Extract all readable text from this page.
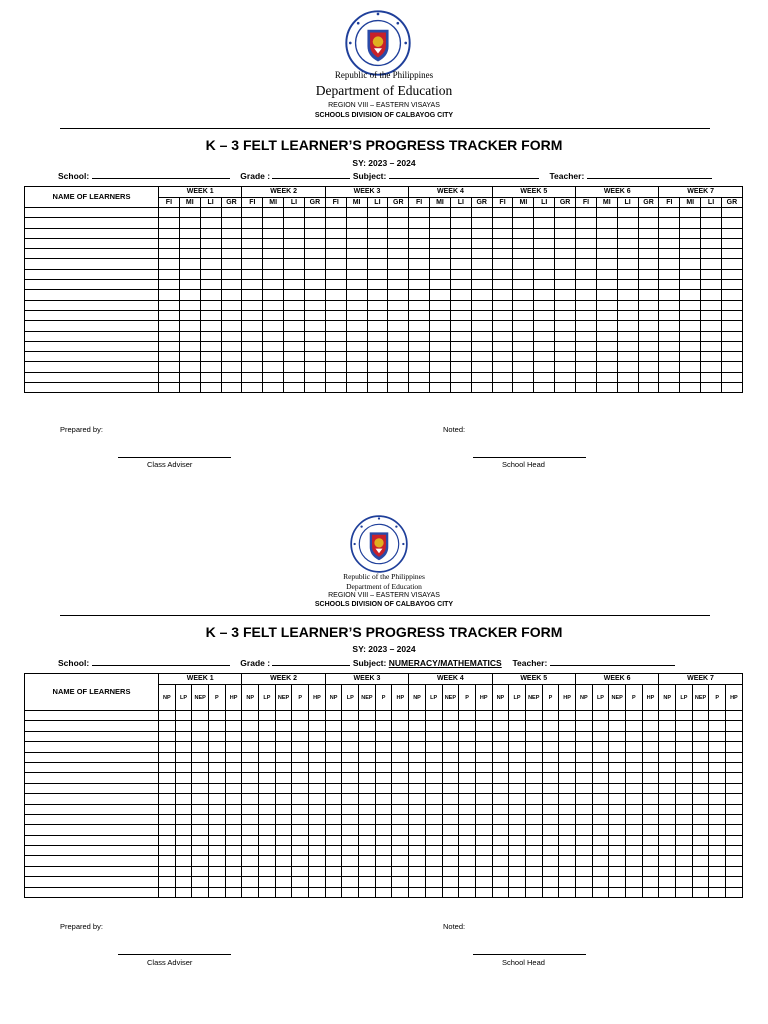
Republic of the Philippines
Department of Education
REGION VIII – EASTERN VISAYAS
SCHOOLS DIVISION OF CALBAYOG CITY
K – 3 FELT LEARNER’S PROGRESS TRACKER FORM
SY: 2023 – 2024
School:	Grade :	Subject:	Teacher:
NAME OF LEARNERS	WEEK 1				WEEK 2				WEEK 3				WEEK 4				WEEK 5				WEEK 6				WEEK 7			
	FI	MI	LI	GR	FI	MI	LI	GR	FI	MI	LI	GR	FI	MI	LI	GR	FI	MI	LI	GR	FI	MI	LI	GR	FI	MI	LI	GR

Prepared by:	Noted:
Class Adviser	School Head
Republic of the Philippines
Department of Education
REGION VIII – EASTERN VISAYAS
SCHOOLS DIVISION OF CALBAYOG CITY
K – 3 FELT LEARNER’S PROGRESS TRACKER FORM
SY: 2023 – 2024
School:	Grade :	Subject: NUMERACY/MATHEMATICS Teacher:
NAME OF LEARNERS	WEEK 1					WEEK 2					WEEK 3					WEEK 4					WEEK 5					WEEK 6					WEEK 7				
	NP	LP	NEP	P	HP	NP	LP	NEP	P	HP	NP	LP	NEP	P	HP	NP	LP	NEP	P	HP	NP	LP	NEP	P	HP	NP	LP	NEP	P	HP	NP	LP	NEP	P	HP

Prepared by:	Noted:
Class Adviser	School Head
